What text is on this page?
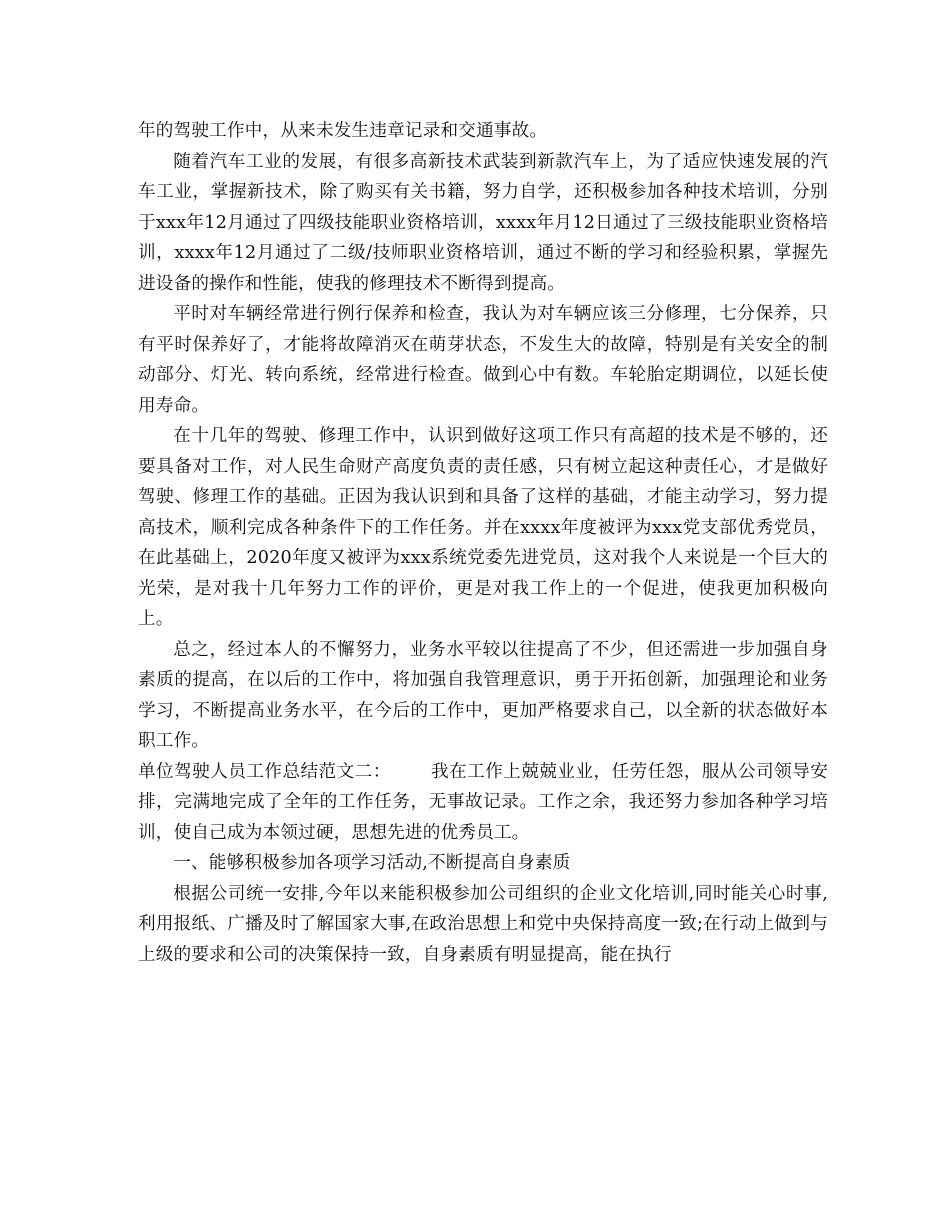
年的驾驶工作中，从来未发生违章记录和交通事故。

随着汽车工业的发展，有很多高新技术武装到新款汽车上，为了适应快速发展的汽车工业，掌握新技术，除了购买有关书籍，努力自学，还积极参加各种技术培训，分别于xxx年12月通过了四级技能职业资格培训，xxxx年月12日通过了三级技能职业资格培训，xxxx年12月通过了二级/技师职业资格培训，通过不断的学习和经验积累，掌握先进设备的操作和性能，使我的修理技术不断得到提高。

平时对车辆经常进行例行保养和检查，我认为对车辆应该三分修理，七分保养，只有平时保养好了，才能将故障消灭在萌芽状态，不发生大的故障，特别是有关安全的制动部分、灯光、转向系统，经常进行检查。做到心中有数。车轮胎定期调位，以延长使用寿命。

在十几年的驾驶、修理工作中，认识到做好这项工作只有高超的技术是不够的，还要具备对工作，对人民生命财产高度负责的责任感，只有树立起这种责任心，才是做好驾驶、修理工作的基础。正因为我认识到和具备了这样的基础，才能主动学习，努力提高技术，顺利完成各种条件下的工作任务。并在xxxx年度被评为xxx党支部优秀党员，在此基础上，2020年度又被评为xxx系统党委先进党员，这对我个人来说是一个巨大的光荣，是对我十几年努力工作的评价，更是对我工作上的一个促进，使我更加积极向上。

总之，经过本人的不懈努力，业务水平较以往提高了不少，但还需进一步加强自身素质的提高，在以后的工作中，将加强自我管理意识，勇于开拓创新，加强理论和业务学习，不断提高业务水平，在今后的工作中，更加严格要求自己，以全新的状态做好本职工作。

单位驾驶人员工作总结范文二： 我在工作上兢兢业业，任劳任怨，服从公司领导安排，完满地完成了全年的工作任务，无事故记录。工作之余，我还努力参加各种学习培训，使自己成为本领过硬，思想先进的优秀员工。

一、能够积极参加各项学习活动,不断提高自身素质

根据公司统一安排,今年以来能积极参加公司组织的企业文化培训,同时能关心时事,利用报纸、广播及时了解国家大事,在政治思想上和党中央保持高度一致;在行动上做到与上级的要求和公司的决策保持一致，自身素质有明显提高，能在执行
